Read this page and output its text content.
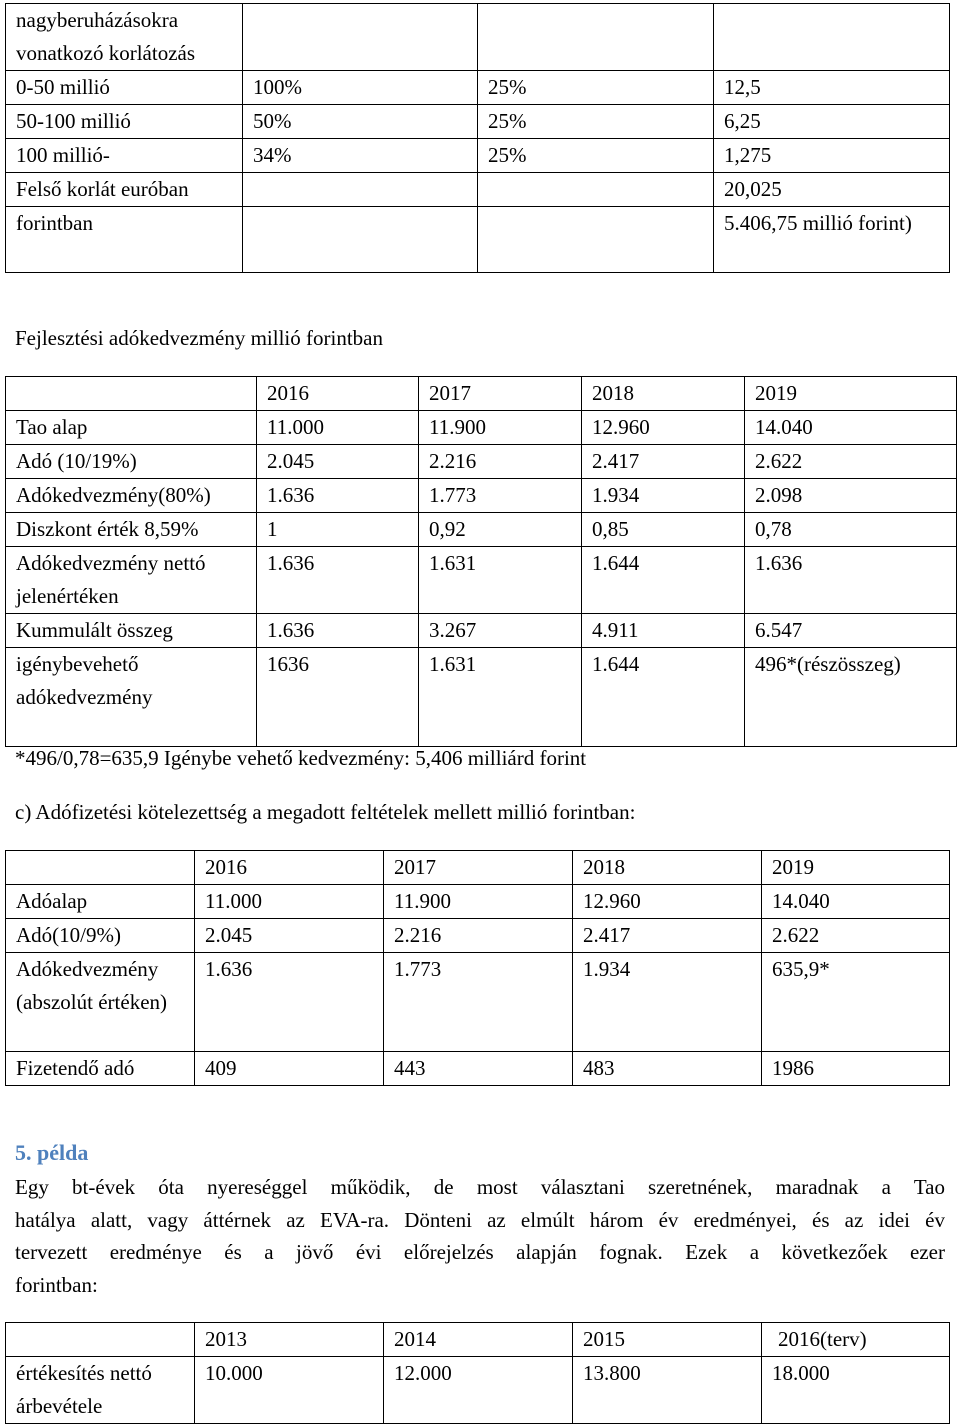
nagyberuházásokra vonatkozó korlátozás			
0-50 millió	100%	25%	12,5
50-100 millió	50%	25%	6,25
100 millió-	34%	25%	1,275
Felső korlát euróban			20,025
forintban			5.406,75 millió forint)
Fejlesztési adókedvezmény millió forintban
	2016	2017	2018	2019
Tao alap	11.000	11.900	12.960	14.040
Adó (10/19%)	2.045	2.216	2.417	2.622
Adókedvezmény(80%)	1.636	1.773	1.934	2.098
Diszkont érték 8,59%	1	0,92	0,85	0,78
Adókedvezmény nettó jelenértéken	1.636	1.631	1.644	1.636
Kummulált összeg	1.636	3.267	4.911	6.547
igénybevehető adókedvezmény	1636	1.631	1.644	496*(részösszeg)
*496/0,78=635,9 Igénybe vehető kedvezmény: 5,406 milliárd forint
c) Adófizetési kötelezettség a megadott feltételek mellett millió forintban:
	2016	2017	2018	2019
Adóalap	11.000	11.900	12.960	14.040
Adó(10/9%)	2.045	2.216	2.417	2.622
Adókedvezmény (abszolút értéken)	1.636	1.773	1.934	635,9*
Fizetendő adó	409	443	483	1986
5. példa
Egy bt-évek óta nyereséggel működik, de most választani szeretnének, maradnak a Tao
hatálya alatt, vagy áttérnek az EVA-ra. Dönteni az elmúlt három év eredményei, és az idei év
tervezett eredménye és a jövő évi előrejelzés alapján fognak. Ezek a következőek ezer
forintban:
	2013	2014	2015	2016(terv)
értékesítés nettó árbevétele	10.000	12.000	13.800	18.000
